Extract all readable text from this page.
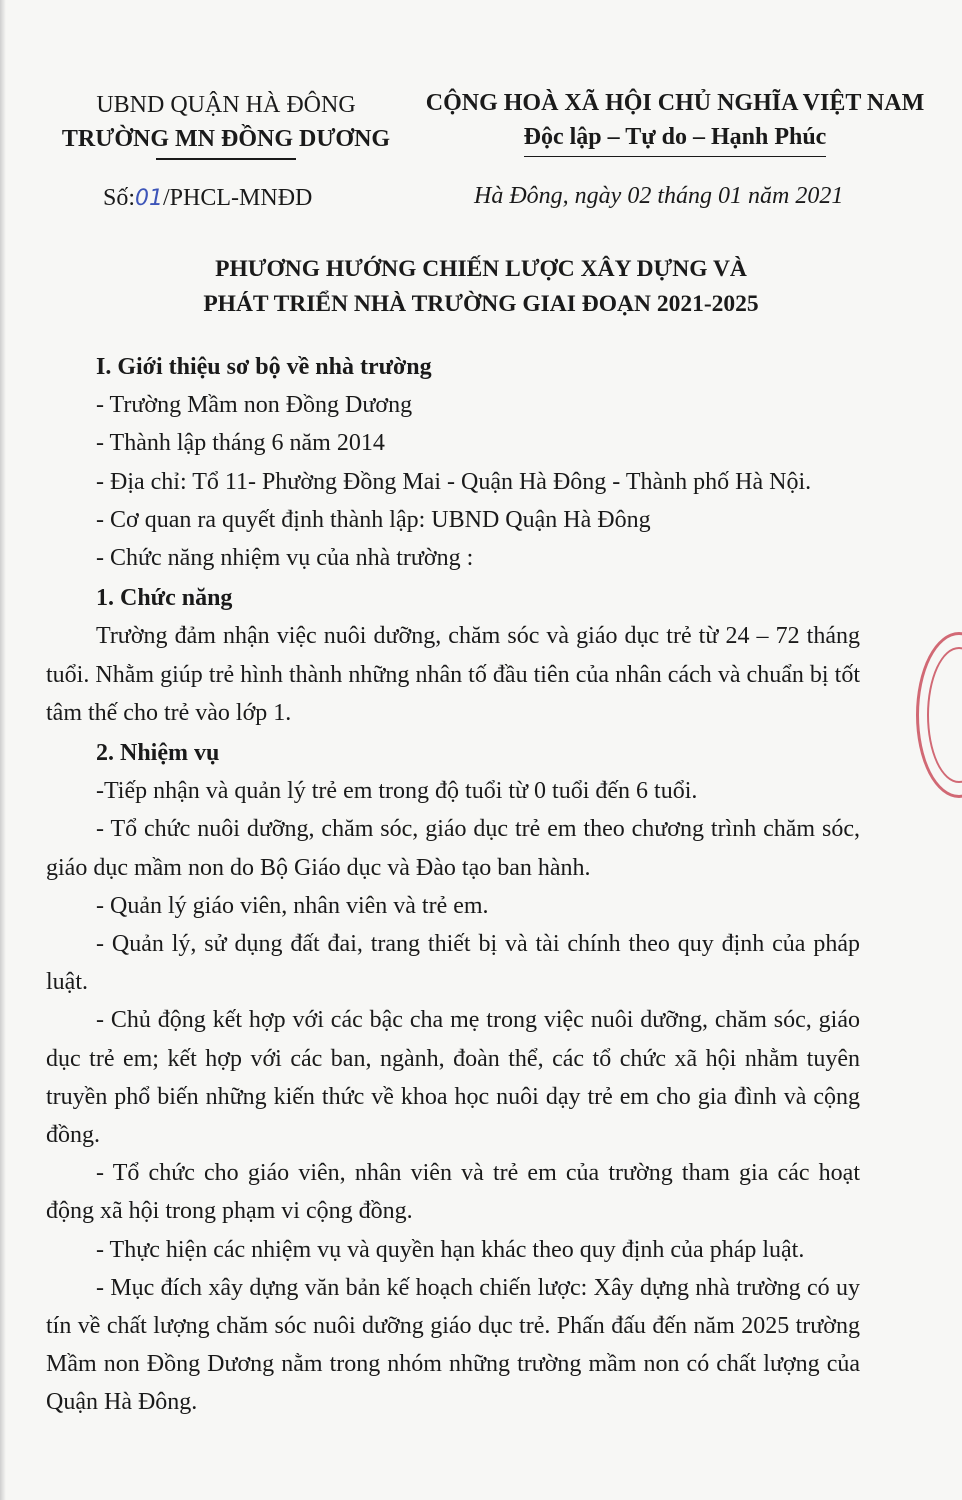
UBND QUẬN HÀ ĐÔNG
TRƯỜNG MN ĐỒNG DƯƠNG
CỘNG HOÀ XÃ HỘI CHỦ NGHĨA VIỆT NAM
Độc lập – Tự do – Hạnh Phúc
Số:01/PHCL-MNĐD	Hà Đông, ngày 02 tháng 01 năm 2021
PHƯƠNG HƯỚNG CHIẾN LƯỢC XÂY DỰNG VÀ
PHÁT TRIỂN NHÀ TRƯỜNG GIAI ĐOẠN 2021-2025

I. Giới thiệu sơ bộ về nhà trường

- Trường Mầm non Đồng Dương

- Thành lập tháng 6 năm 2014

- Địa chỉ: Tổ 11- Phường Đồng Mai - Quận Hà Đông - Thành phố Hà Nội.

- Cơ quan ra quyết định thành lập: UBND Quận Hà Đông

- Chức năng nhiệm vụ của nhà trường :

1. Chức năng

Trường đảm nhận việc nuôi dưỡng, chăm sóc và giáo dục trẻ từ 24 – 72 tháng tuổi. Nhằm giúp trẻ hình thành những nhân tố đầu tiên của nhân cách và chuẩn bị tốt tâm thế cho trẻ vào lớp 1.

2. Nhiệm vụ

-Tiếp nhận và quản lý trẻ em trong độ tuổi từ 0 tuổi đến 6 tuổi.

- Tổ chức nuôi dưỡng, chăm sóc, giáo dục trẻ em theo chương trình chăm sóc, giáo dục mầm non do Bộ Giáo dục và Đào tạo ban hành.

- Quản lý giáo viên, nhân viên và trẻ em.

- Quản lý, sử dụng đất đai, trang thiết bị và tài chính theo quy định của pháp luật.

- Chủ động kết hợp với các bậc cha mẹ trong việc nuôi dưỡng, chăm sóc, giáo dục trẻ em; kết hợp với các ban, ngành, đoàn thể, các tổ chức xã hội nhằm tuyên truyền phổ biến những kiến thức về khoa học nuôi dạy trẻ em cho gia đình và cộng đồng.

- Tổ chức cho giáo viên, nhân viên và trẻ em của trường tham gia các hoạt động xã hội trong phạm vi cộng đồng.

- Thực hiện các nhiệm vụ và quyền hạn khác theo quy định của pháp luật.

- Mục đích xây dựng văn bản kế hoạch chiến lược: Xây dựng nhà trường có uy tín về chất lượng chăm sóc nuôi dưỡng giáo dục trẻ. Phấn đấu đến năm 2025 trường Mầm non Đồng Dương nằm trong nhóm những trường mầm non có chất lượng của Quận Hà Đông.
